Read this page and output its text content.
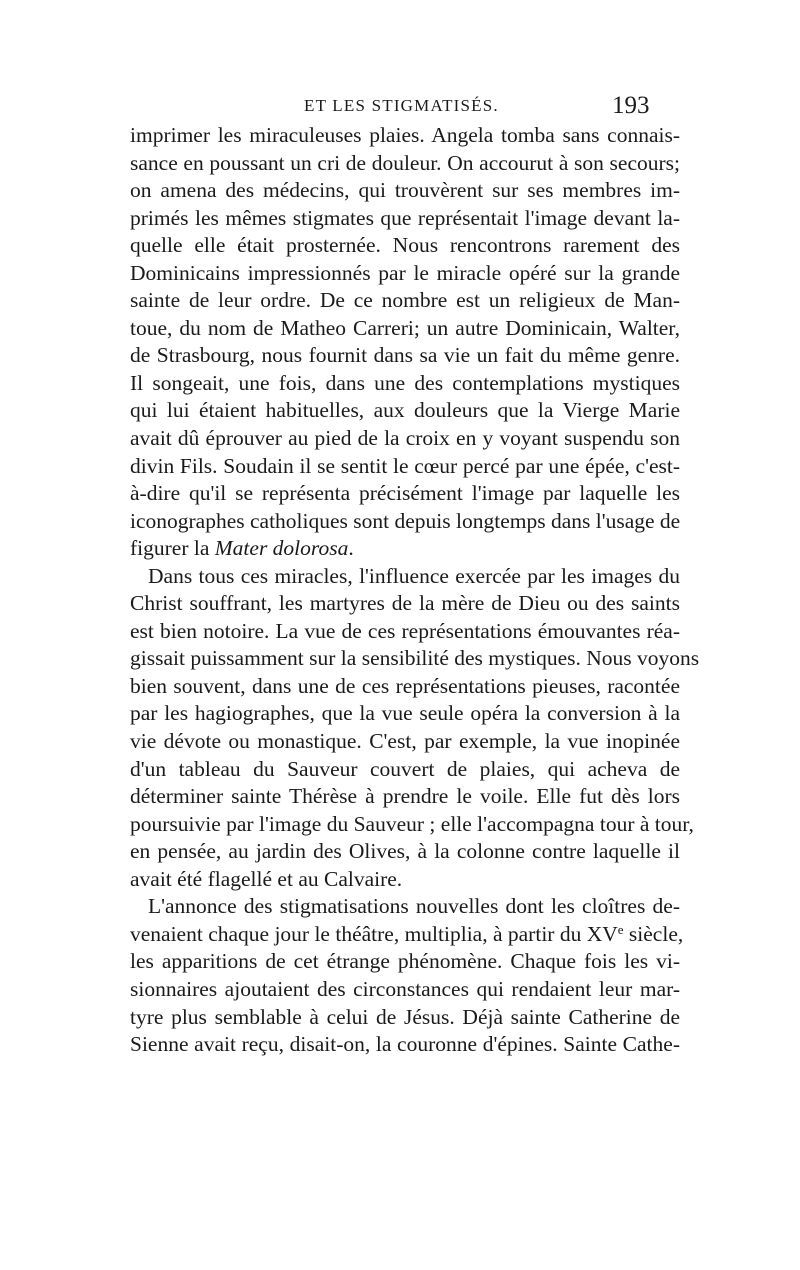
ET LES STIGMATISÉS.	193
imprimer les miraculeuses plaies. Angela tomba sans connais-
sance en poussant un cri de douleur. On accourut à son secours;
on amena des médecins, qui trouvèrent sur ses membres im-
primés les mêmes stigmates que représentait l'image devant la-
quelle elle était prosternée. Nous rencontrons rarement des
Dominicains impressionnés par le miracle opéré sur la grande
sainte de leur ordre. De ce nombre est un religieux de Man-
toue, du nom de Matheo Carreri; un autre Dominicain, Walter,
de Strasbourg, nous fournit dans sa vie un fait du même genre.
Il songeait, une fois, dans une des contemplations mystiques
qui lui étaient habituelles, aux douleurs que la Vierge Marie
avait dû éprouver au pied de la croix en y voyant suspendu son
divin Fils. Soudain il se sentit le cœur percé par une épée, c'est-
à-dire qu'il se représenta précisément l'image par laquelle les
iconographes catholiques sont depuis longtemps dans l'usage de
figurer la Mater dolorosa.
Dans tous ces miracles, l'influence exercée par les images du
Christ souffrant, les martyres de la mère de Dieu ou des saints
est bien notoire. La vue de ces représentations émouvantes réa-
gissait puissamment sur la sensibilité des mystiques. Nous voyons
bien souvent, dans une de ces représentations pieuses, racontée
par les hagiographes, que la vue seule opéra la conversion à la
vie dévote ou monastique. C'est, par exemple, la vue inopinée
d'un tableau du Sauveur couvert de plaies, qui acheva de
déterminer sainte Thérèse à prendre le voile. Elle fut dès lors
poursuivie par l'image du Sauveur ; elle l'accompagna tour à tour,
en pensée, au jardin des Olives, à la colonne contre laquelle il
avait été flagellé et au Calvaire.
L'annonce des stigmatisations nouvelles dont les cloîtres de-
venaient chaque jour le théâtre, multiplia, à partir du XVe siècle,
les apparitions de cet étrange phénomène. Chaque fois les vi-
sionnaires ajoutaient des circonstances qui rendaient leur mar-
tyre plus semblable à celui de Jésus. Déjà sainte Catherine de
Sienne avait reçu, disait-on, la couronne d'épines. Sainte Cathe-
